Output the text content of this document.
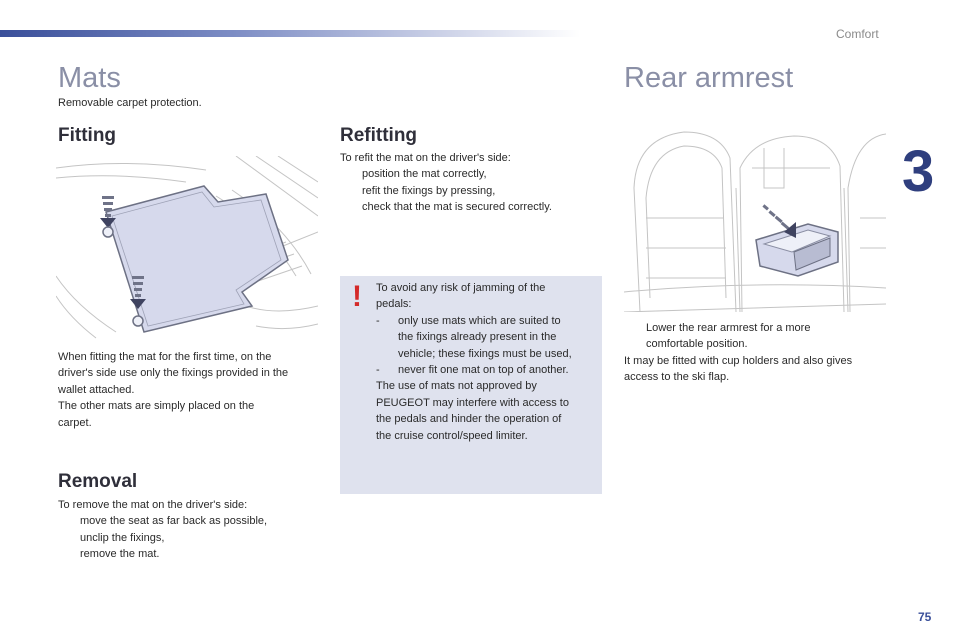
Comfort
3
Mats
Removable carpet protection.
Fitting

When fitting the mat for the first time, on the

driver's side use only the fixings provided in the

wallet attached.

The other mats are simply placed on the

carpet.

Removal

To remove the mat on the driver's side:

move the seat as far back as possible,
unclip the fixings,
remove the mat.
Refitting

To refit the mat on the driver's side:

position the mat correctly,
refit the fixings by pressing,
check that the mat is secured correctly.
! To avoid any risk of jamming of the

pedals:

-	only use mats which are suited to
the fixings already present in the
vehicle; these fixings must be used,
-	never fit one mat on top of another.

The use of mats not approved by

PEUGEOT may interfere with access to

the pedals and hinder the operation of

the cruise control/speed limiter.

Rear armrest
Lower the rear armrest for a more
comfortable position.

It may be fitted with cup holders and also gives

access to the ski flap.

75
